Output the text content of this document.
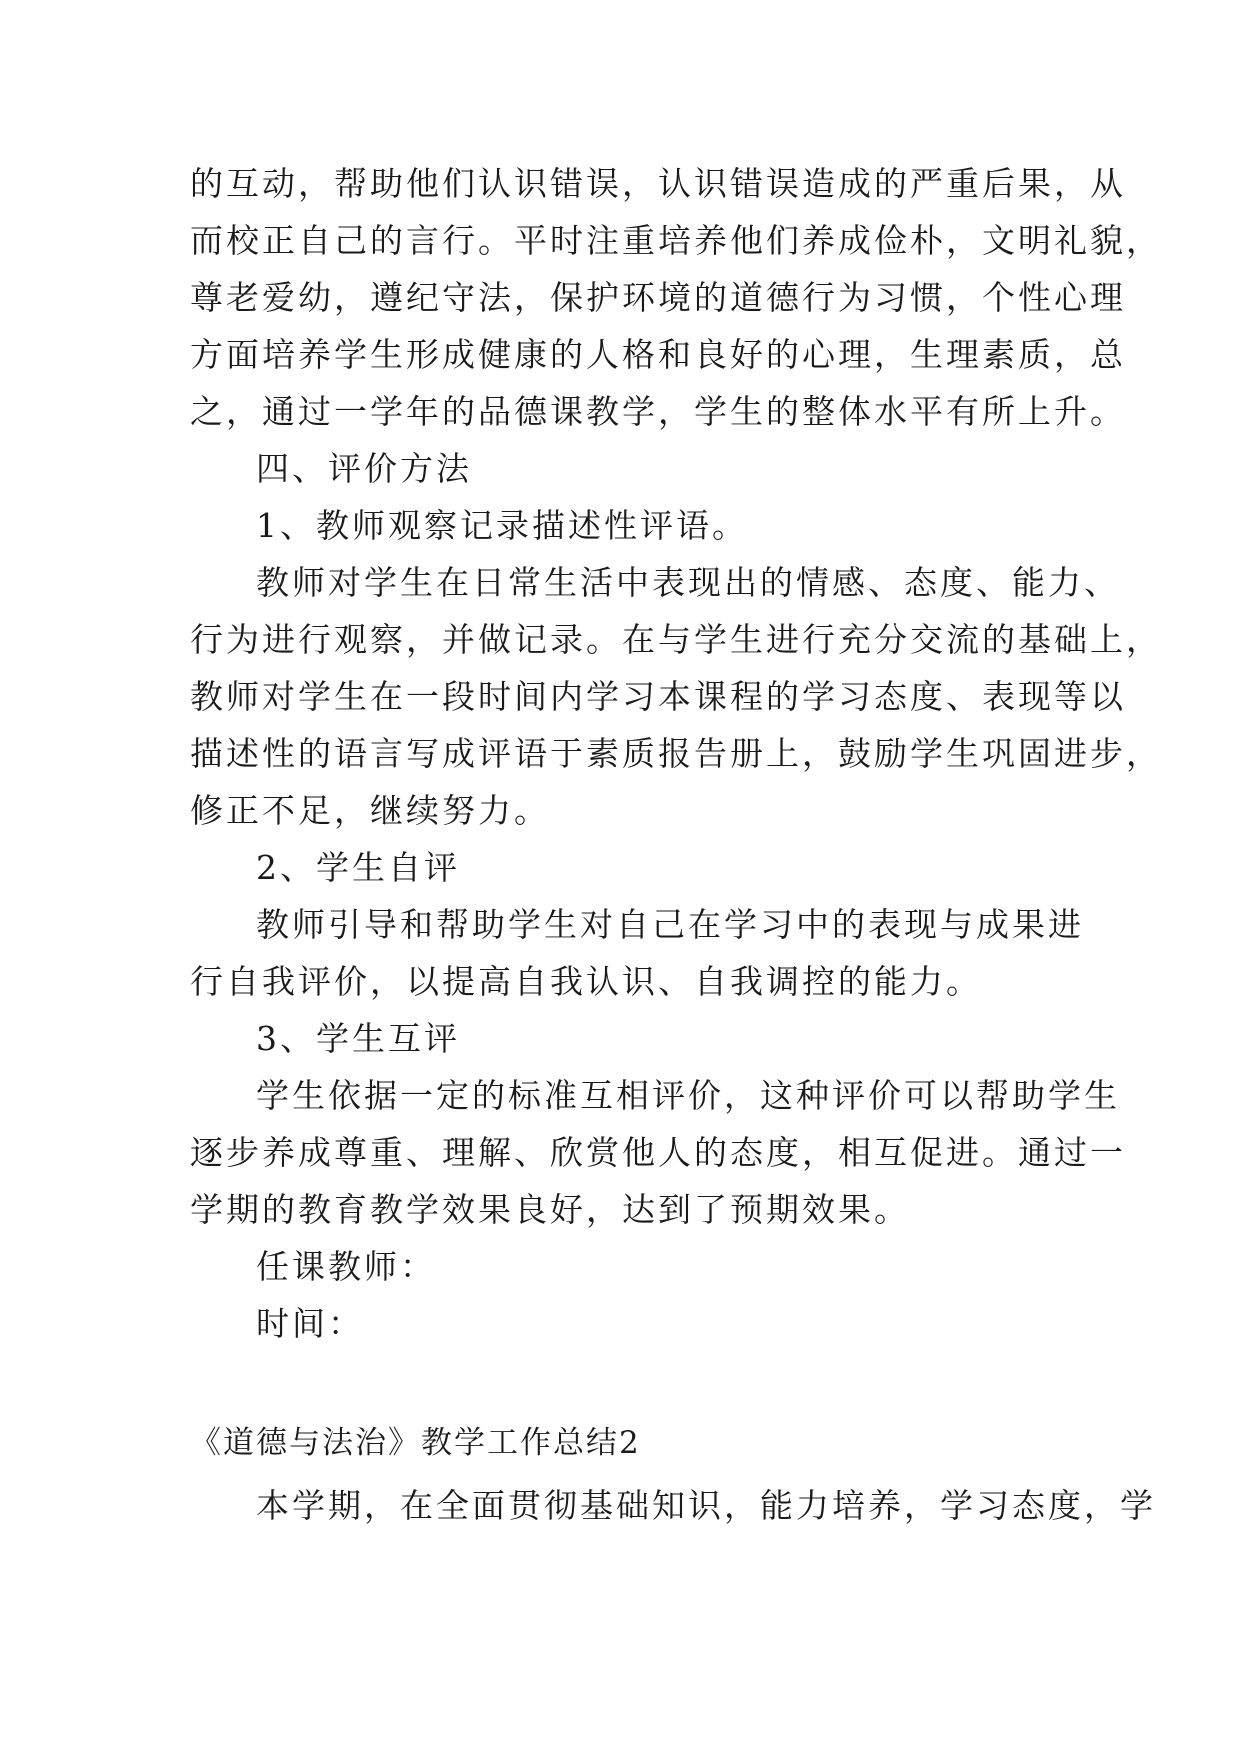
的互动，帮助他们认识错误，认识错误造成的严重后果，从
而校正自己的言行。平时注重培养他们养成俭朴，文明礼貌，
尊老爱幼，遵纪守法，保护环境的道德行为习惯，个性心理
方面培养学生形成健康的人格和良好的心理，生理素质，总
之，通过一学年的品德课教学，学生的整体水平有所上升。
四、评价方法
1、教师观察记录描述性评语。
教师对学生在日常生活中表现出的情感、态度、能力、
行为进行观察，并做记录。在与学生进行充分交流的基础上，
教师对学生在一段时间内学习本课程的学习态度、表现等以
描述性的语言写成评语于素质报告册上，鼓励学生巩固进步，
修正不足，继续努力。
2、学生自评
教师引导和帮助学生对自己在学习中的表现与成果进
行自我评价，以提高自我认识、自我调控的能力。
3、学生互评
学生依据一定的标准互相评价，这种评价可以帮助学生
逐步养成尊重、理解、欣赏他人的态度，相互促进。通过一
学期的教育教学效果良好，达到了预期效果。
任课教师：
时间：
《道德与法治》教学工作总结2
本学期，在全面贯彻基础知识，能力培养，学习态度，学
